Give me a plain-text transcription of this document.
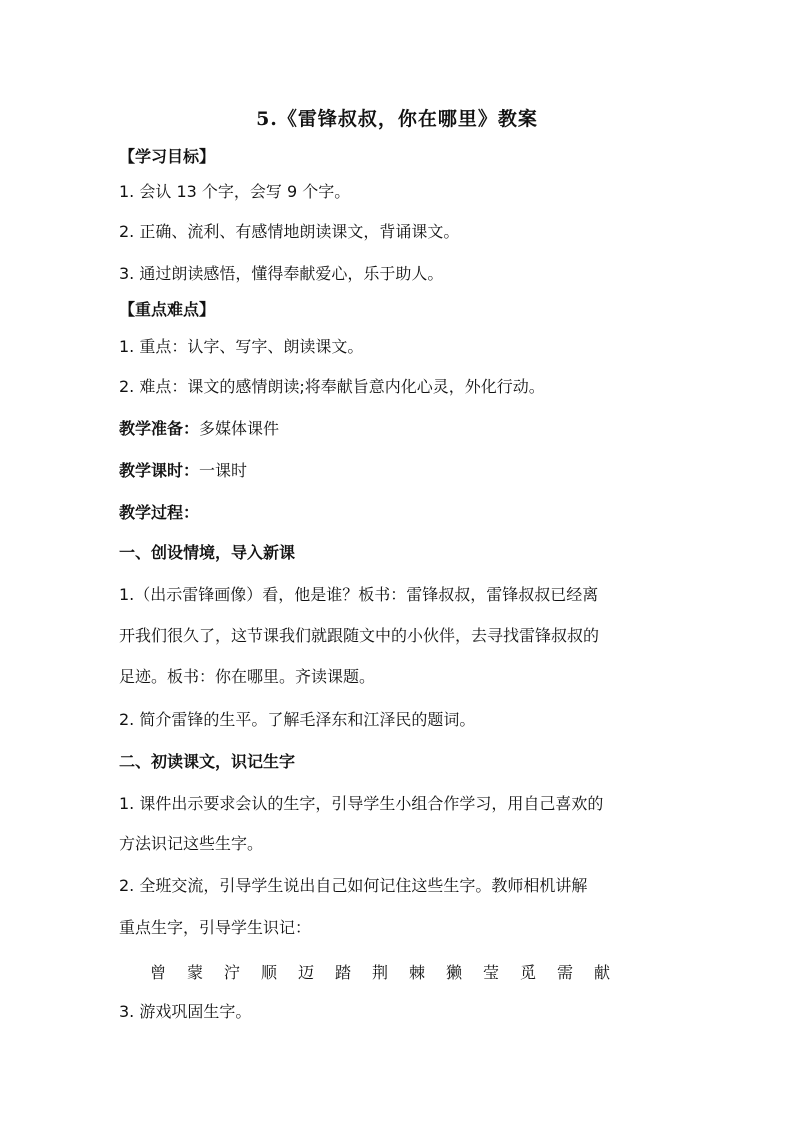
5.《雷锋叔叔，你在哪里》教案
【学习目标】
1. 会认 13 个字，会写 9 个字。
2. 正确、流利、有感情地朗读课文，背诵课文。
3. 通过朗读感悟，懂得奉献爱心，乐于助人。
【重点难点】
1. 重点：认字、写字、朗读课文。
2. 难点：课文的感情朗读;将奉献旨意内化心灵，外化行动。
教学准备：多媒体课件
教学课时：一课时
教学过程：
一、创设情境，导入新课
1.（出示雷锋画像）看，他是谁？板书：雷锋叔叔，雷锋叔叔已经离
开我们很久了，这节课我们就跟随文中的小伙伴，去寻找雷锋叔叔的
足迹。板书：你在哪里。齐读课题。
2. 简介雷锋的生平。了解毛泽东和江泽民的题词。
二、初读课文，识记生字
1. 课件出示要求会认的生字，引导学生小组合作学习，用自己喜欢的
方法识记这些生字。
2. 全班交流，引导学生说出自己如何记住这些生字。教师相机讲解
重点生字，引导学生识记：
曾 蒙 泞 顺 迈 踏 荆 棘 獭 莹 觅 需 献
3. 游戏巩固生字。
